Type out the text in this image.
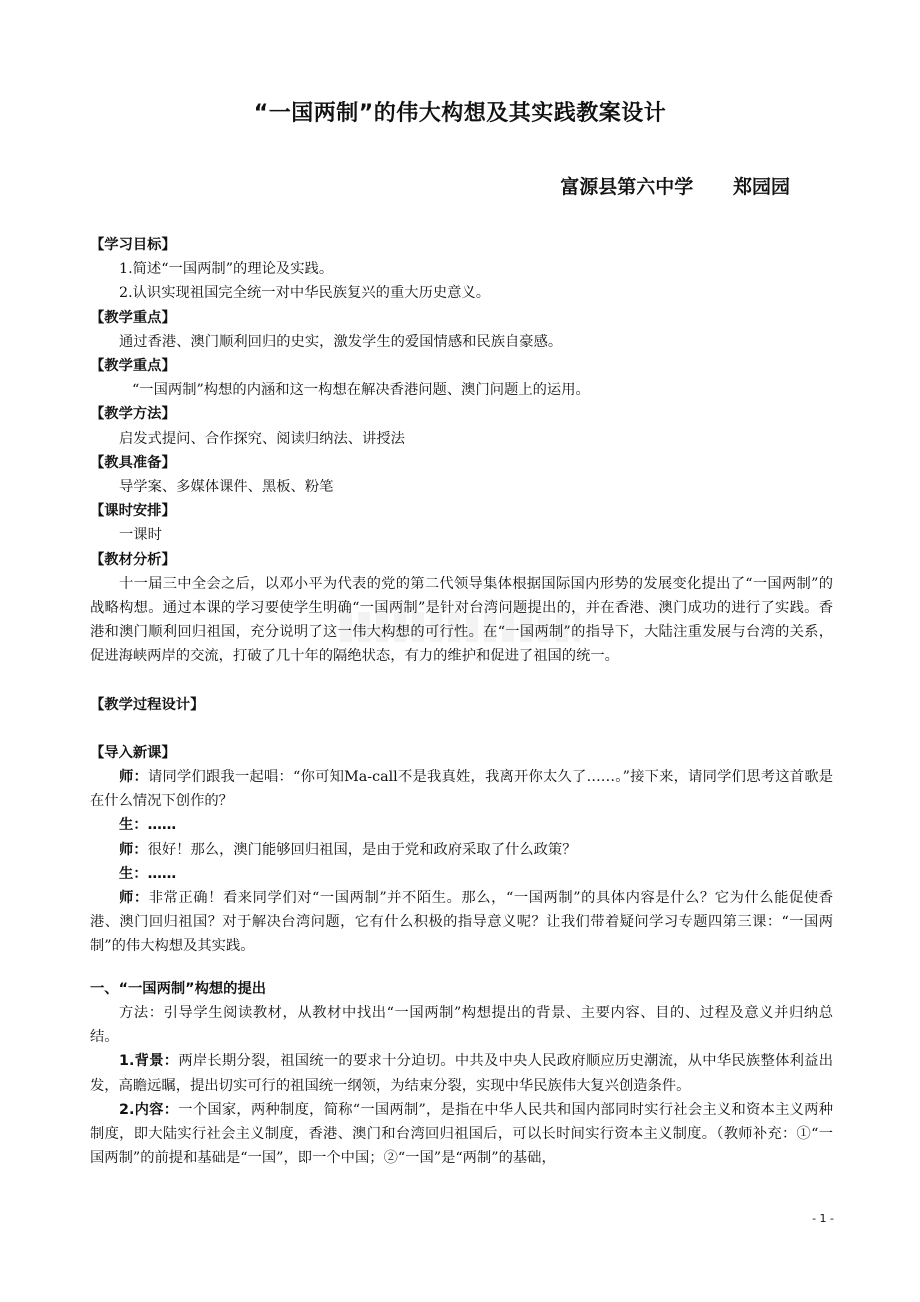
“一国两制”的伟大构想及其实践教案设计
富源县第六中学      郑园园

【学习目标】

1.简述“一国两制”的理论及实践。

2.认识实现祖国完全统一对中华民族复兴的重大历史意义。

【教学重点】

通过香港、澳门顺利回归的史实，激发学生的爱国情感和民族自豪感。

【教学重点】

“一国两制”构想的内涵和这一构想在解决香港问题、澳门问题上的运用。

【教学方法】

启发式提问、合作探究、阅读归纳法、讲授法

【教具准备】

导学案、多媒体课件、黑板、粉笔

【课时安排】

一课时

【教材分析】

十一届三中全会之后，以邓小平为代表的党的第二代领导集体根据国际国内形势的发展变化提出了“一国两制”的战略构想。通过本课的学习要使学生明确“一国两制”是针对台湾问题提出的，并在香港、澳门成功的进行了实践。香港和澳门顺利回归祖国，充分说明了这一伟大构想的可行性。在“一国两制”的指导下，大陆注重发展与台湾的关系，促进海峡两岸的交流，打破了几十年的隔绝状态，有力的维护和促进了祖国的统一。

【教学过程设计】

【导入新课】

师：请同学们跟我一起唱：“你可知Ma-call不是我真姓，我离开你太久了……。”接下来，请同学们思考这首歌是在什么情况下创作的？

生：……

师：很好！那么，澳门能够回归祖国，是由于党和政府采取了什么政策？

生：……

师：非常正确！看来同学们对“一国两制”并不陌生。那么，“一国两制”的具体内容是什么？它为什么能促使香港、澳门回归祖国？对于解决台湾问题，它有什么积极的指导意义呢？让我们带着疑问学习专题四第三课：“一国两制”的伟大构想及其实践。

一、“一国两制”构想的提出

方法：引导学生阅读教材，从教材中找出“一国两制”构想提出的背景、主要内容、目的、过程及意义并归纳总结。

1.背景：两岸长期分裂，祖国统一的要求十分迫切。中共及中央人民政府顺应历史潮流，从中华民族整体利益出发，高瞻远瞩，提出切实可行的祖国统一纲领，为结束分裂，实现中华民族伟大复兴创造条件。

2.内容：一个国家，两种制度，简称“一国两制”，是指在中华人民共和国内部同时实行社会主义和资本主义两种制度，即大陆实行社会主义制度，香港、澳门和台湾回归祖国后，可以长时间实行资本主义制度。（教师补充：①“一国两制”的前提和基础是“一国”，即一个中国；②“一国”是“两制”的基础，

- 1 -
